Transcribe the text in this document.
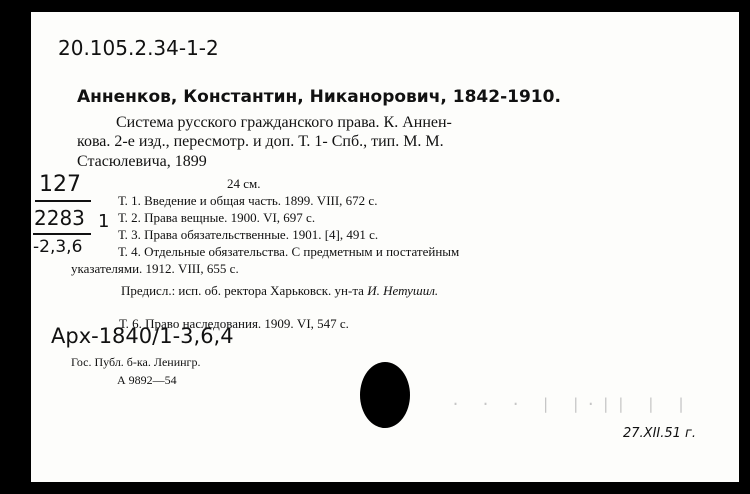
20.105.2.34-1-2
Анненков, Константин, Никанорович, 1842-1910.
Система русского гражданского права. К. Аннен-
кова. 2-е изд., пересмотр. и доп. Т. 1- Спб., тип. М. М.
Стасюлевича, 1899
24 см.
Т. 1. Введение и общая часть. 1899. VIII, 672 с.
Т. 2. Права вещные. 1900. VI, 697 с.
Т. 3. Права обязательственные. 1901. [4], 491 с.
Т. 4. Отдельные обязательства. С предметным и постатейным
указателями. 1912. VIII, 655 с.
Предисл.: исп. об. ректора Харьковск. ун-та И. Нетушил.
Т. 6. Право наследования. 1909. VI, 547 с.
Гос. Публ. б-ка. Ленингр.
А 9892—54
127
2283 1
-2,3,6
Арх-1840/1-3,6,4
27.XII.51 г.
· · · | |·|| | |
